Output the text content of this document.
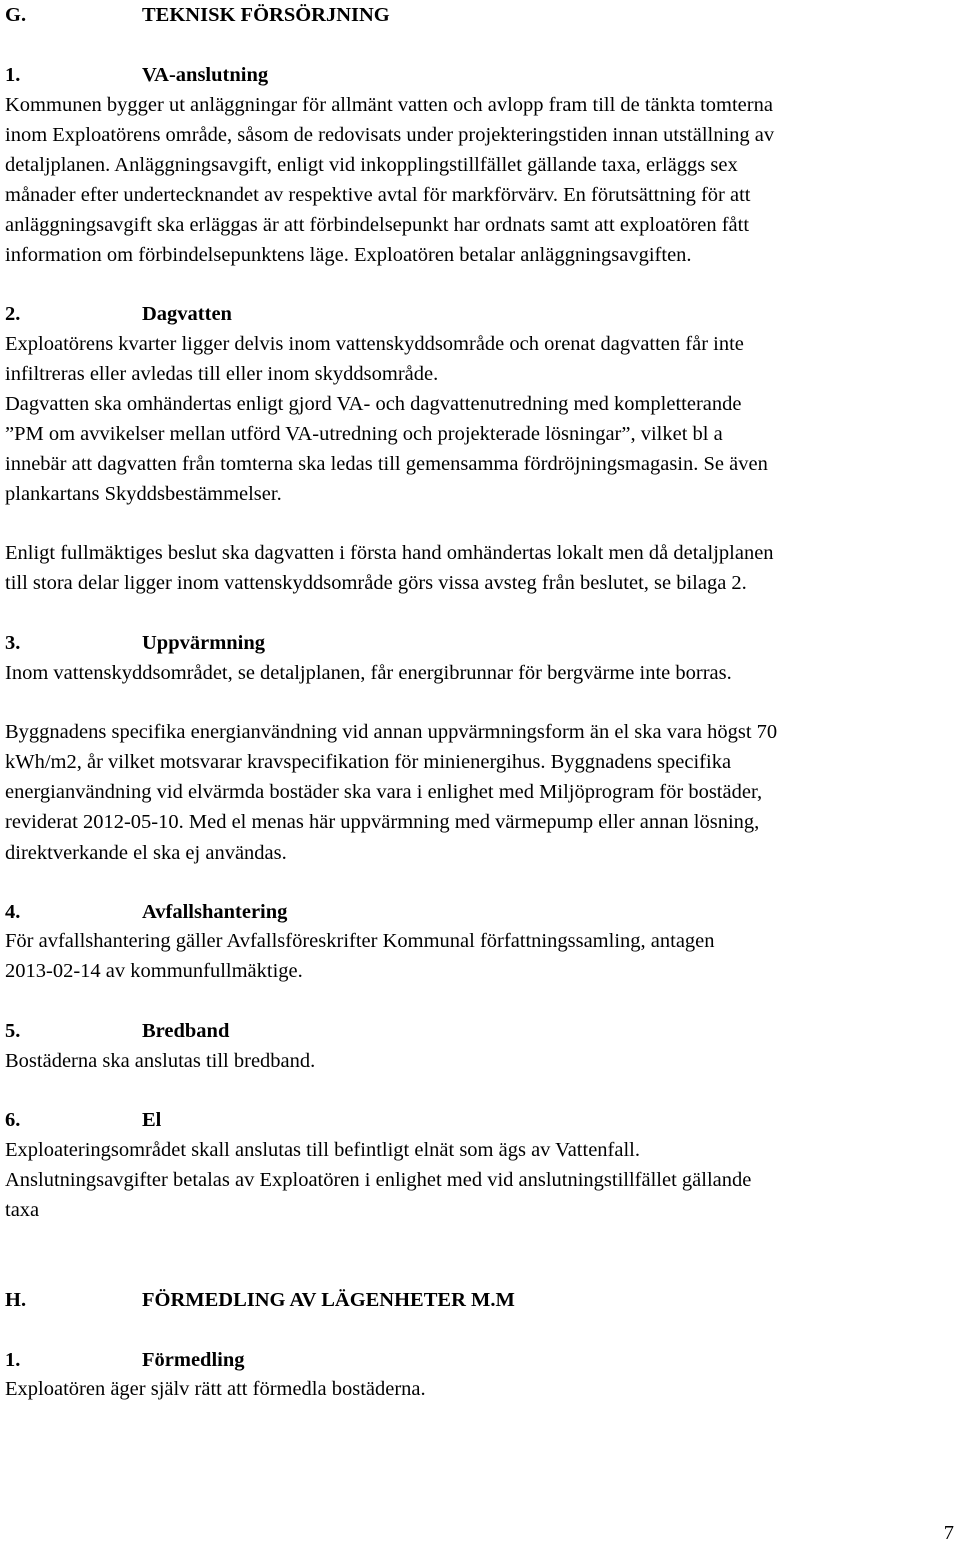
G.	TEKNISK FÖRSÖRJNING
1.	VA-anslutning
Kommunen bygger ut anläggningar för allmänt vatten och avlopp fram till de tänkta tomterna
inom Exploatörens område, såsom de redovisats under projekteringstiden innan utställning av
detaljplanen. Anläggningsavgift, enligt vid inkopplingstillfället gällande taxa, erläggs sex
månader efter undertecknandet av respektive avtal för markförvärv. En förutsättning för att
anläggningsavgift ska erläggas är att förbindelsepunkt har ordnats samt att exploatören fått
information om förbindelsepunktens läge. Exploatören betalar anläggningsavgiften.
2.	Dagvatten
Exploatörens kvarter ligger delvis inom vattenskyddsområde och orenat dagvatten får inte
infiltreras eller avledas till eller inom skyddsområde.
Dagvatten ska omhändertas enligt gjord VA- och dagvattenutredning med kompletterande
”PM om avvikelser mellan utförd VA-utredning och projekterade lösningar”, vilket bl a
innebär att dagvatten från tomterna ska ledas till gemensamma fördröjningsmagasin. Se även
plankartans Skyddsbestämmelser.
Enligt fullmäktiges beslut ska dagvatten i första hand omhändertas lokalt men då detaljplanen
till stora delar ligger inom vattenskyddsområde görs vissa avsteg från beslutet, se bilaga 2.
3.	Uppvärmning
Inom vattenskyddsområdet, se detaljplanen, får energibrunnar för bergvärme inte borras.
Byggnadens specifika energianvändning vid annan uppvärmningsform än el ska vara högst 70
kWh/m2, år vilket motsvarar kravspecifikation för minienergihus. Byggnadens specifika
energianvändning vid elvärmda bostäder ska vara i enlighet med Miljöprogram för bostäder,
reviderat 2012-05-10. Med el menas här uppvärmning med värmepump eller annan lösning,
direktverkande el ska ej användas.
4.	Avfallshantering
För avfallshantering gäller Avfallsföreskrifter Kommunal författningssamling, antagen
2013-02-14 av kommunfullmäktige.
5.	Bredband
Bostäderna ska anslutas till bredband.
6.	El
Exploateringsområdet skall anslutas till befintligt elnät som ägs av Vattenfall.
Anslutningsavgifter betalas av Exploatören i enlighet med vid anslutningstillfället gällande
taxa
H.	FÖRMEDLING AV LÄGENHETER M.M
1.	Förmedling
Exploatören äger själv rätt att förmedla bostäderna.
7
